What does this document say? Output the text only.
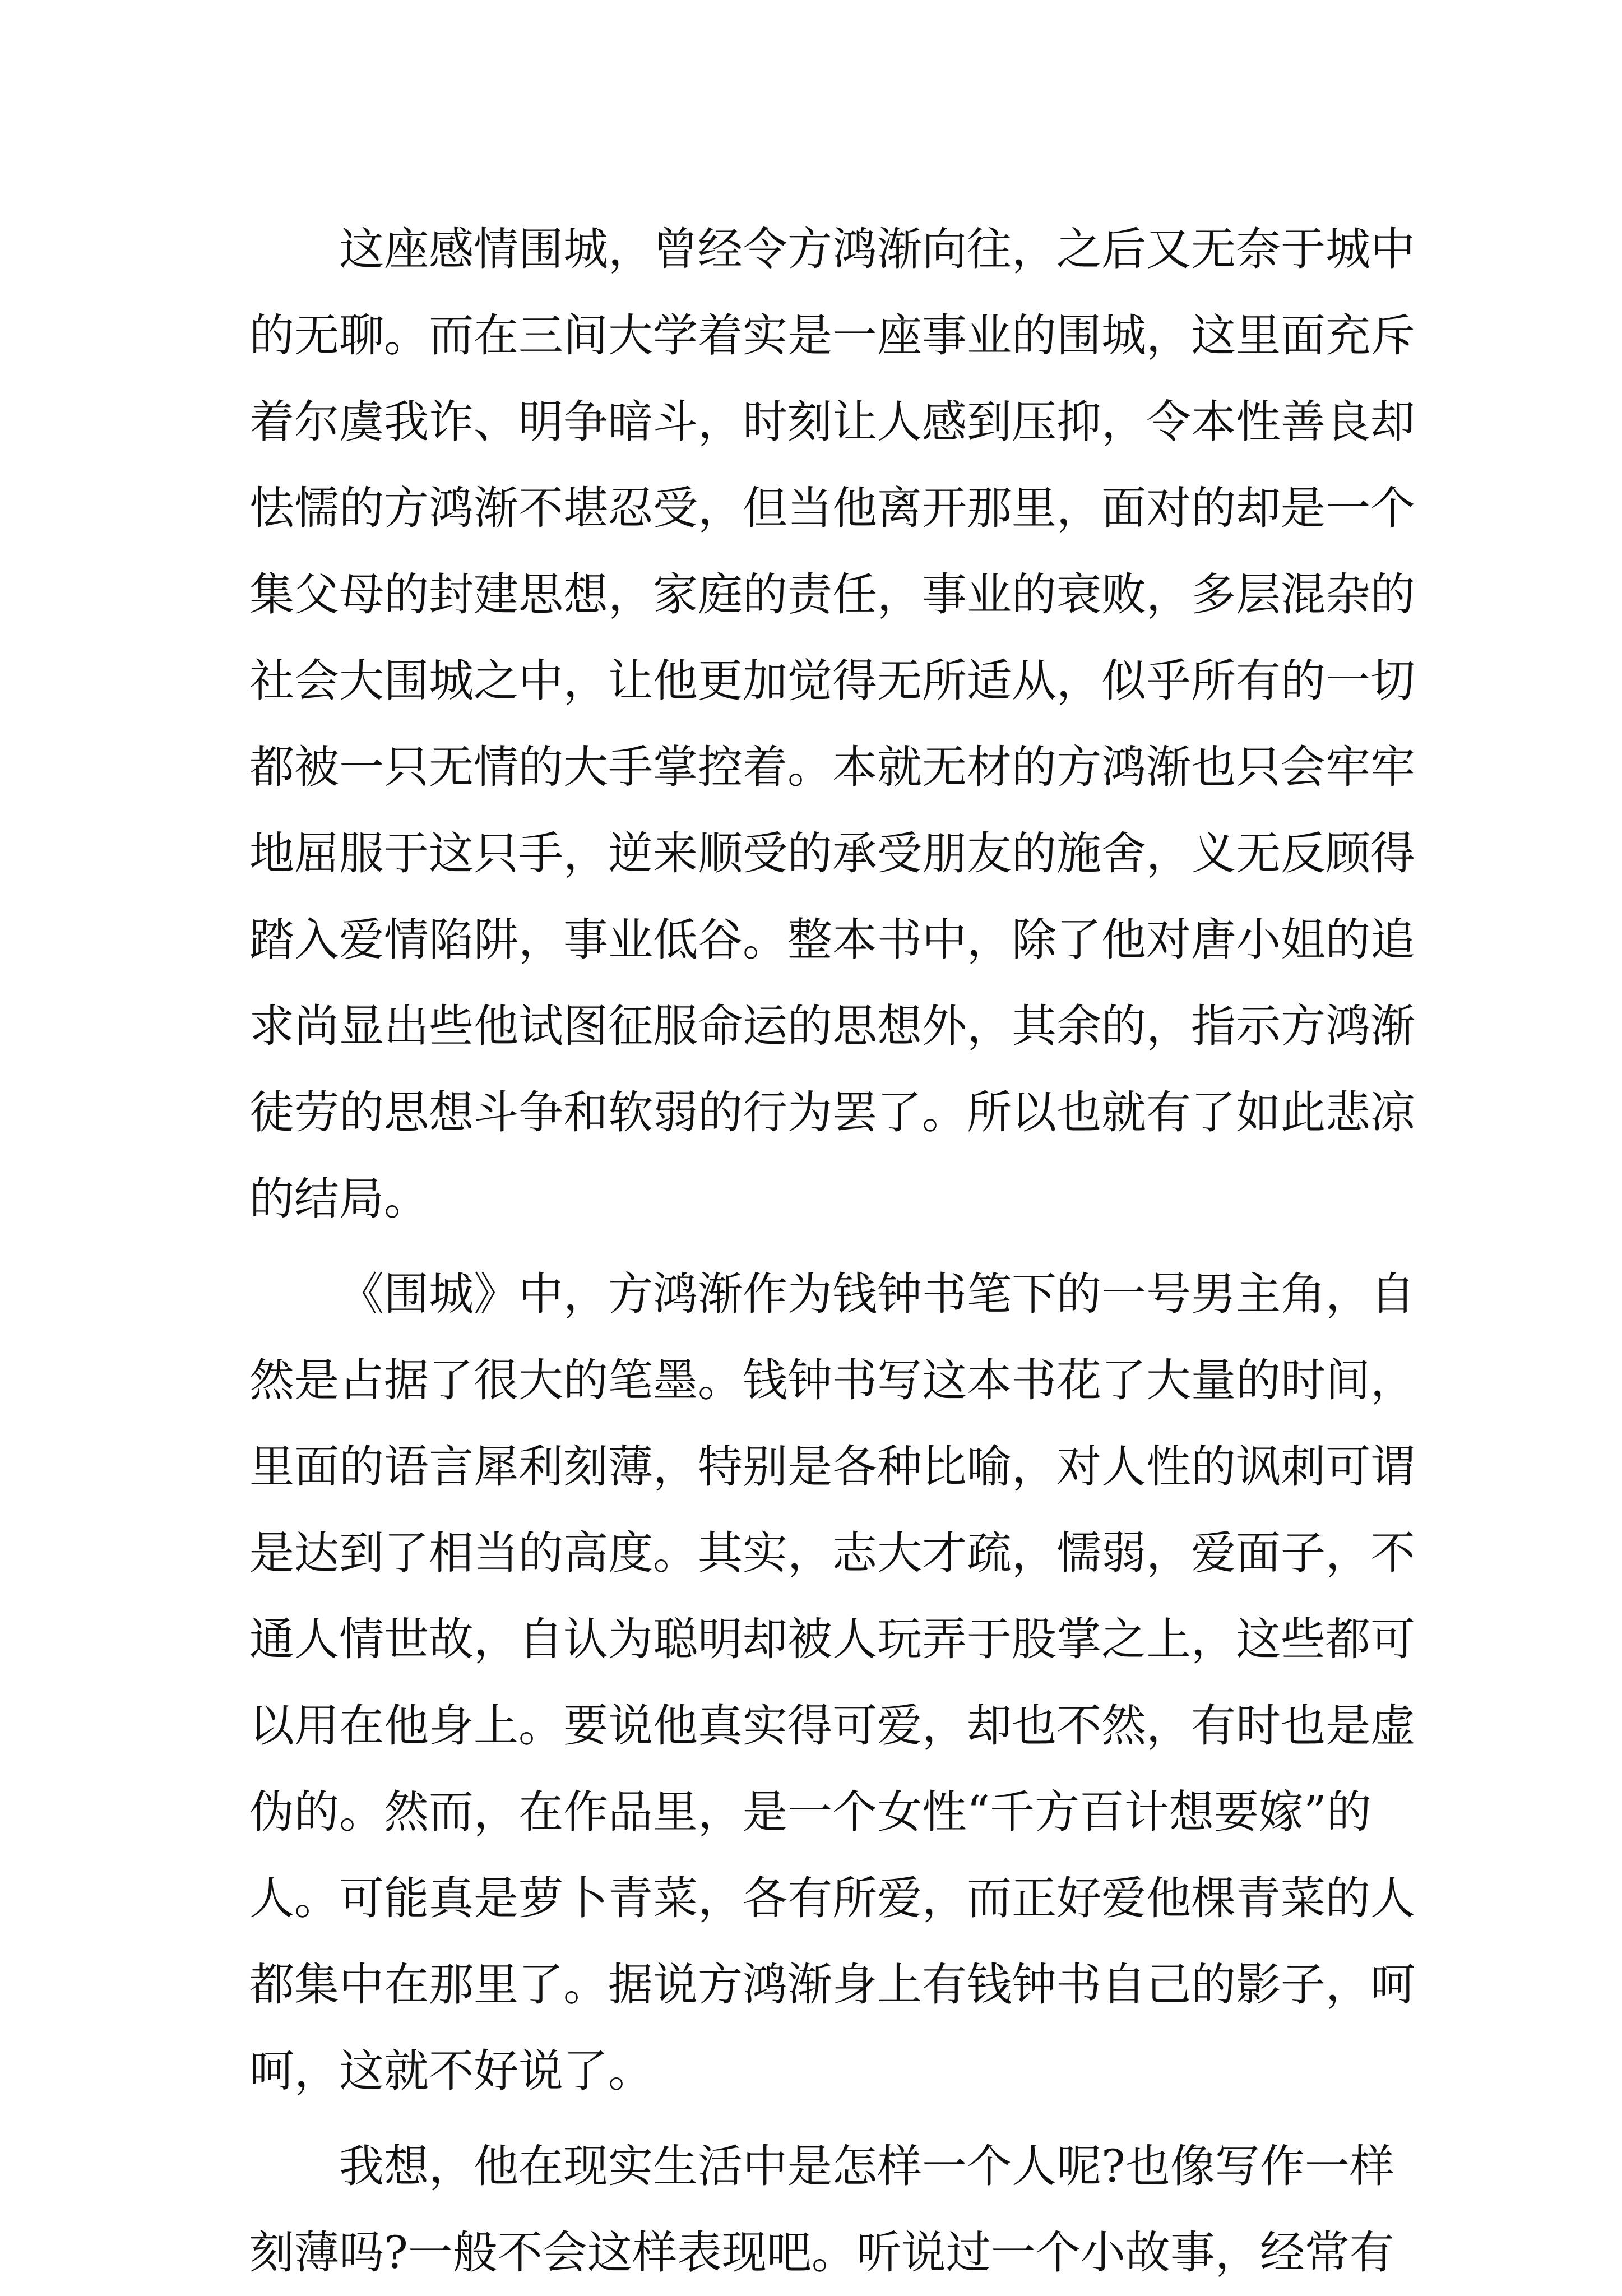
这座感情围城，曾经令方鸿渐向往，之后又无奈于城中
的无聊。而在三间大学着实是一座事业的围城，这里面充斥
着尔虞我诈、明争暗斗，时刻让人感到压抑，令本性善良却
怯懦的方鸿渐不堪忍受，但当他离开那里，面对的却是一个
集父母的封建思想，家庭的责任，事业的衰败，多层混杂的
社会大围城之中，让他更加觉得无所适从，似乎所有的一切
都被一只无情的大手掌控着。本就无材的方鸿渐也只会牢牢
地屈服于这只手，逆来顺受的承受朋友的施舍，义无反顾得
踏入爱情陷阱，事业低谷。整本书中，除了他对唐小姐的追
求尚显出些他试图征服命运的思想外，其余的，指示方鸿渐
徒劳的思想斗争和软弱的行为罢了。所以也就有了如此悲凉
的结局。
《围城》中，方鸿渐作为钱钟书笔下的一号男主角，自
然是占据了很大的笔墨。钱钟书写这本书花了大量的时间，
里面的语言犀利刻薄，特别是各种比喻，对人性的讽刺可谓
是达到了相当的高度。其实，志大才疏，懦弱，爱面子，不
通人情世故，自认为聪明却被人玩弄于股掌之上，这些都可
以用在他身上。要说他真实得可爱，却也不然，有时也是虚
伪的。然而，在作品里，是一个女性“千方百计想要嫁”的
人。可能真是萝卜青菜，各有所爱，而正好爱他棵青菜的人
都集中在那里了。据说方鸿渐身上有钱钟书自己的影子，呵
呵，这就不好说了。
我想，他在现实生活中是怎样一个人呢?也像写作一样
刻薄吗?一般不会这样表现吧。听说过一个小故事，经常有
